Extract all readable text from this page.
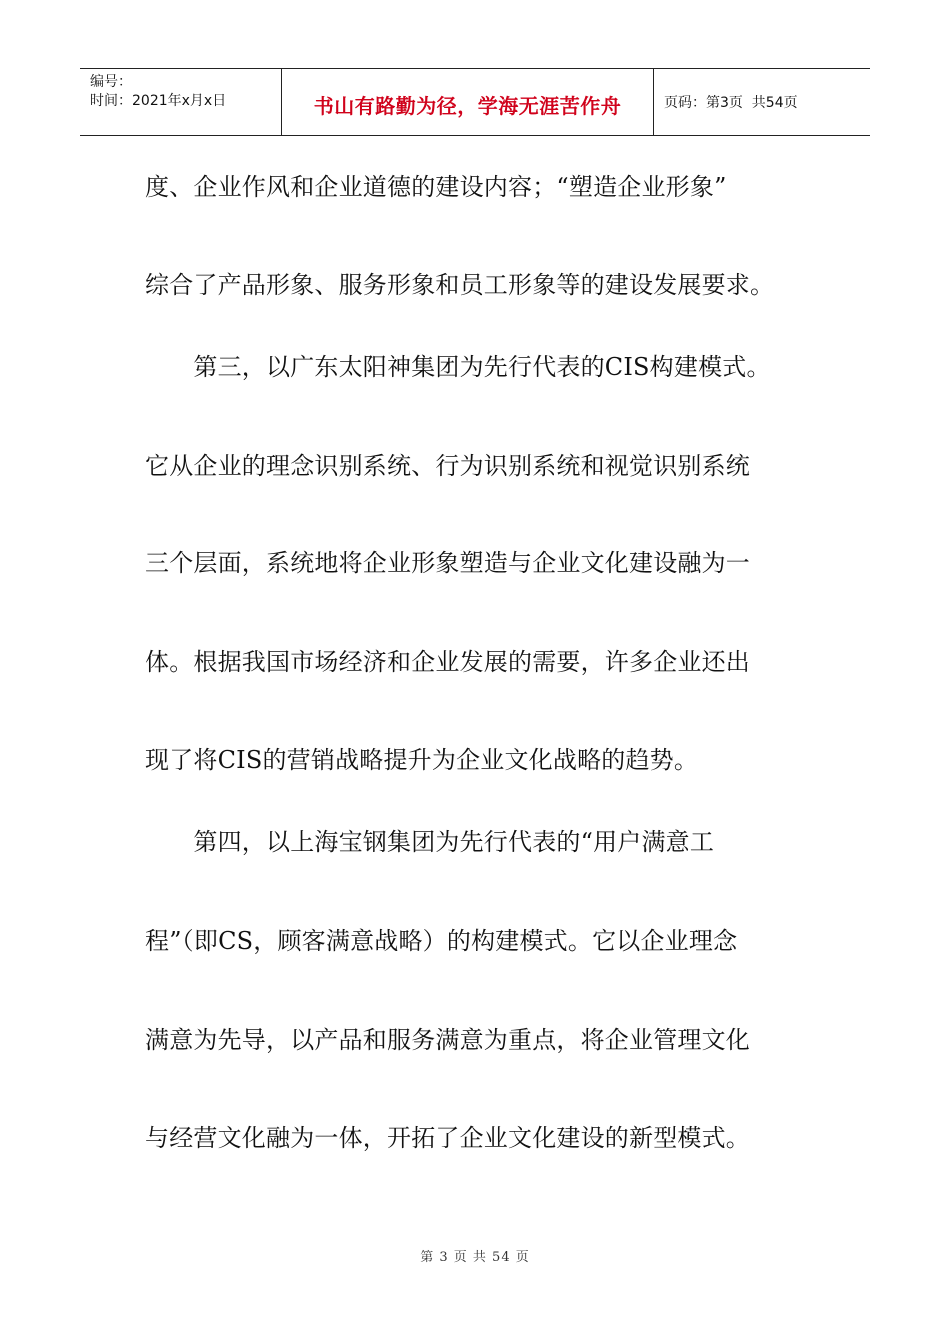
编号：
时间：2021年x月x日	书山有路勤为径，学海无涯苦作舟	页码：第3页  共54页
度、企业作风和企业道德的建设内容；“塑造企业形象”
综合了产品形象、服务形象和员工形象等的建设发展要求。
　　第三，以广东太阳神集团为先行代表的CIS构建模式。
它从企业的理念识别系统、行为识别系统和视觉识别系统
三个层面，系统地将企业形象塑造与企业文化建设融为一
体。根据我国市场经济和企业发展的需要，许多企业还出
现了将CIS的营销战略提升为企业文化战略的趋势。
　　第四，以上海宝钢集团为先行代表的“用户满意工
程”（即CS，顾客满意战略）的构建模式。它以企业理念
满意为先导，以产品和服务满意为重点，将企业管理文化
与经营文化融为一体，开拓了企业文化建设的新型模式。
第 3 页 共 54 页
